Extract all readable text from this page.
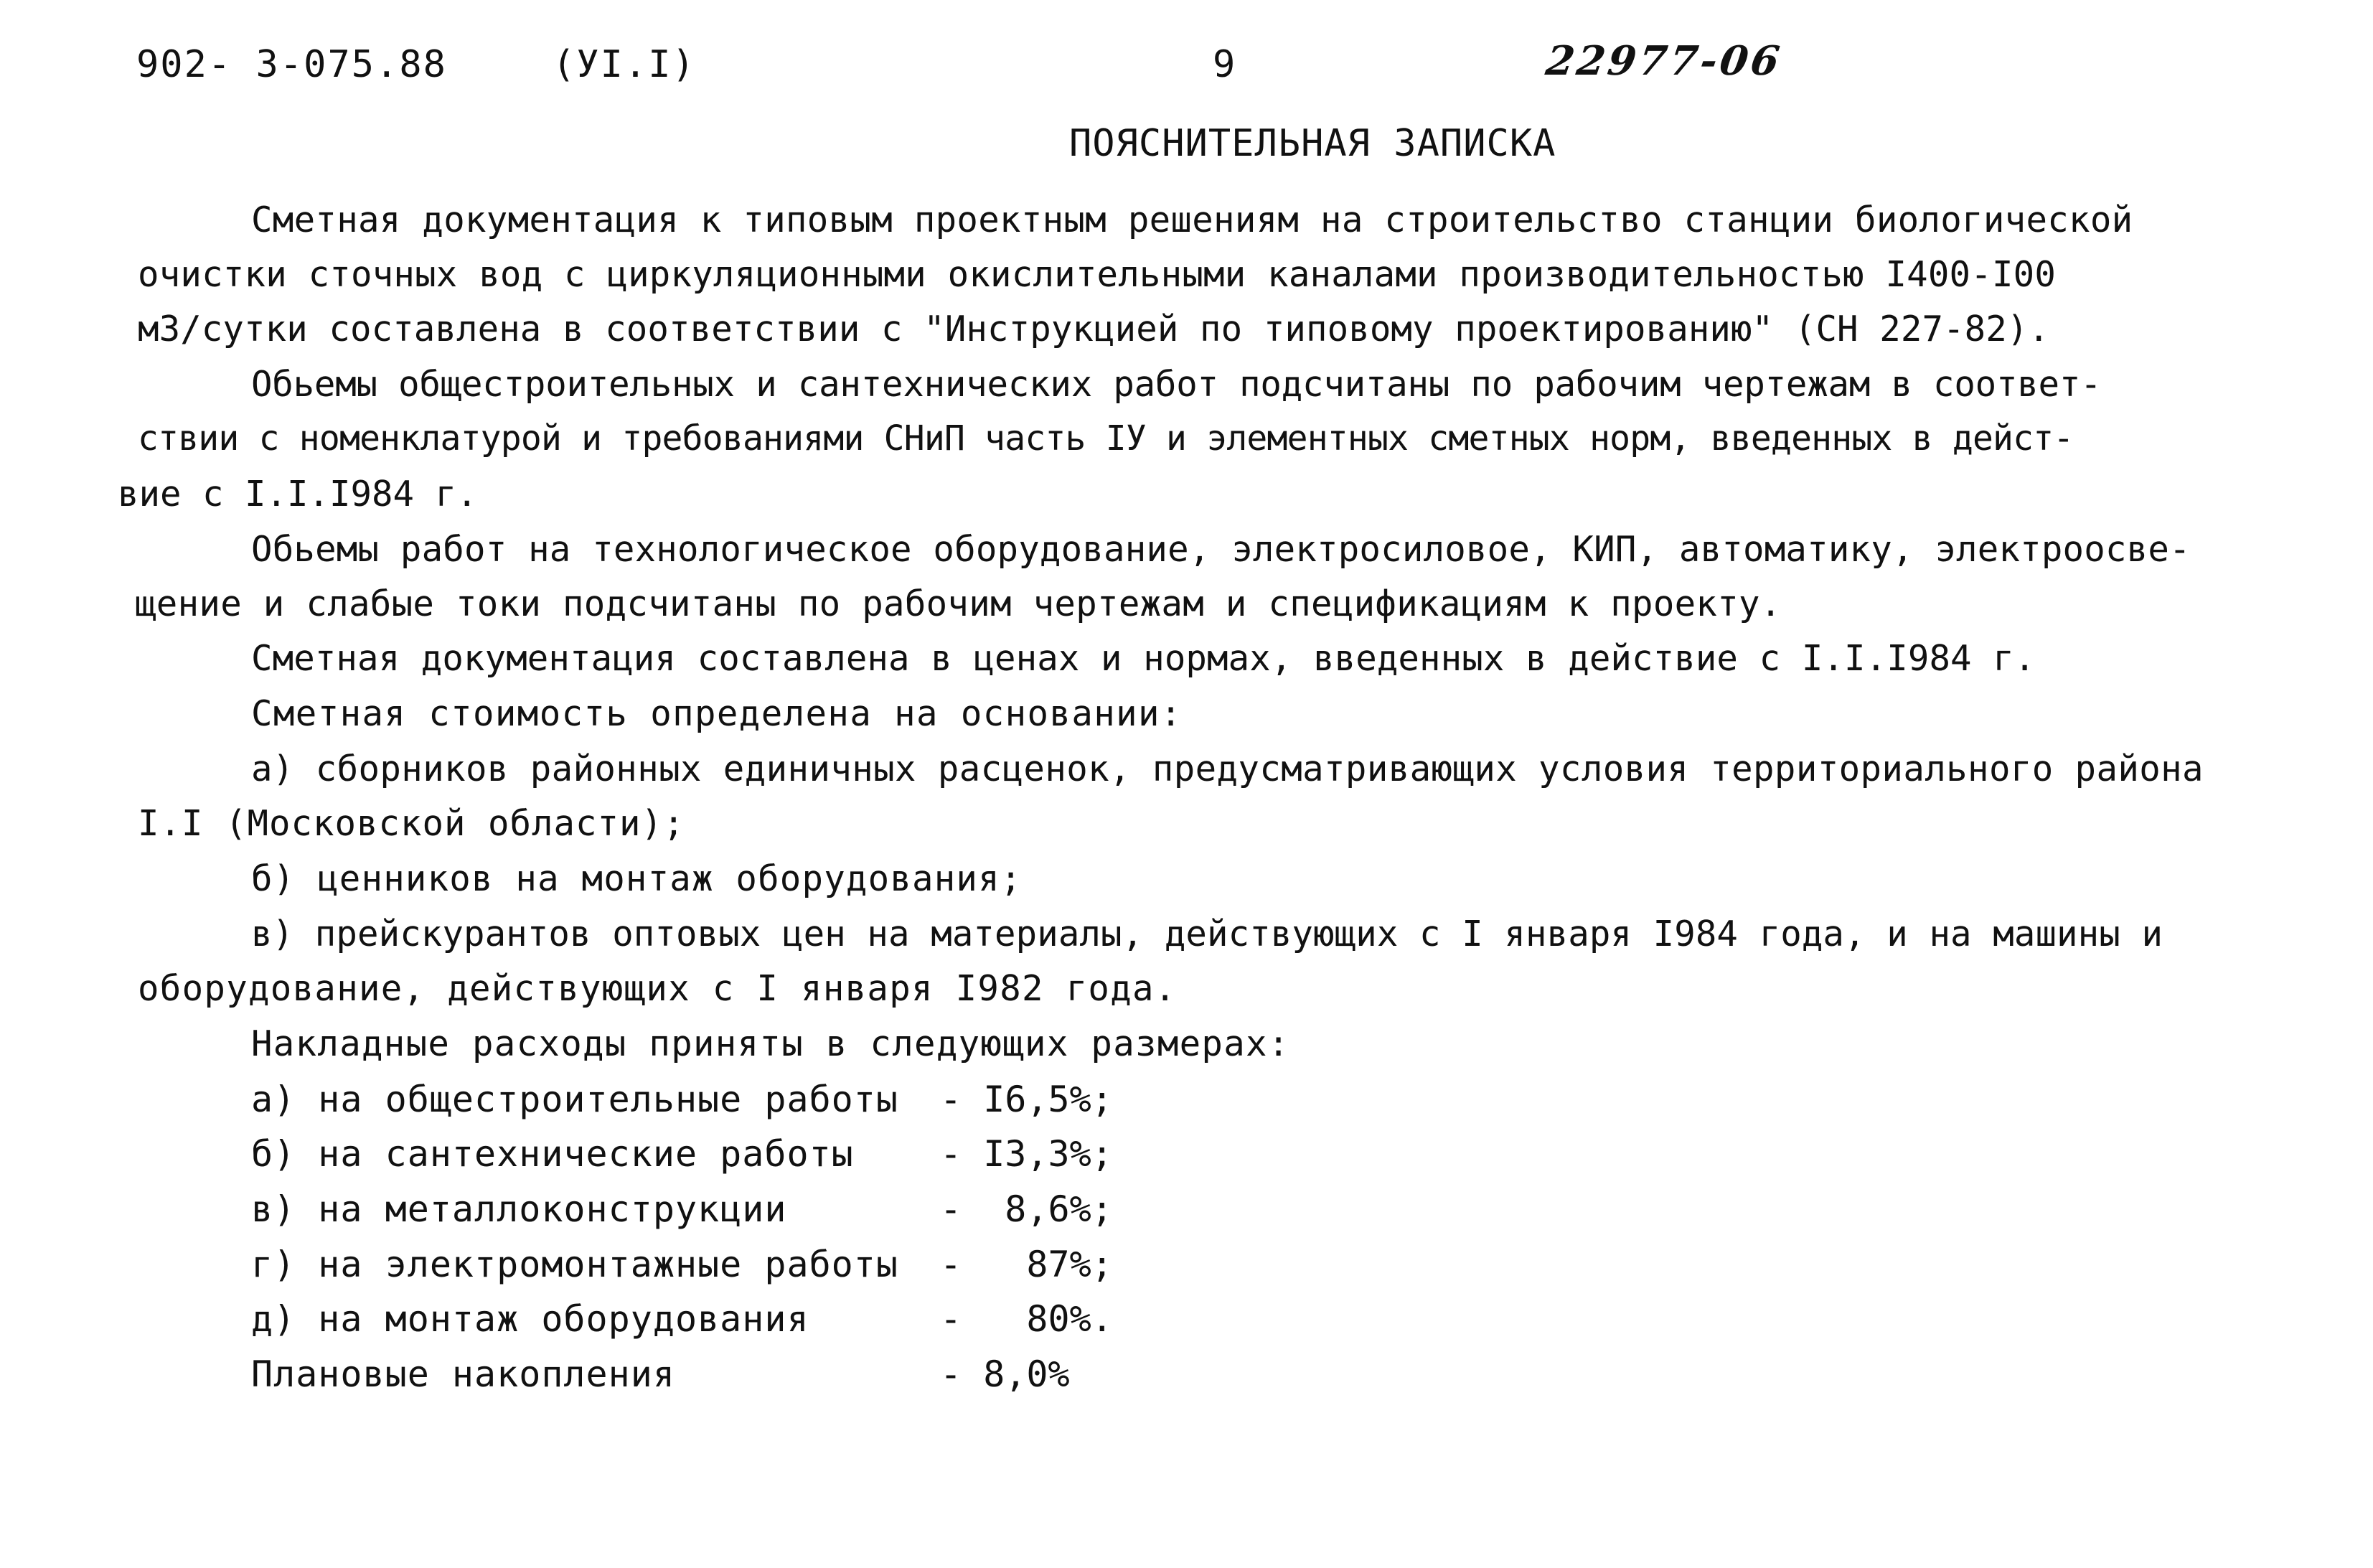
902- 3-075.88	(УI.I)	9	22977-06
ПОЯСНИТЕЛЬНАЯ ЗАПИСКА
Сметная документация к типовым проектным решениям на строительство станции биологической
очистки сточных вод с циркуляционными окислительными каналами производительностью I400-I00
м3/сутки составлена в соответствии с "Инструкцией по типовому проектированию" (СН 227-82).
Обьемы общестроительных и сантехнических работ подсчитаны по рабочим чертежам в соответ-
ствии с номенклатурой и требованиями СНиП часть IУ и элементных сметных норм, введенных в дейст-
вие с I.I.I984 г.
Обьемы работ на технологическое оборудование, электросиловое, КИП, автоматику, электроосве-
щение и слабые токи подсчитаны по рабочим чертежам и спецификациям к проекту.
Сметная документация составлена в ценах и нормах, введенных в действие с I.I.I984 г.
Сметная стоимость определена на основании:
а) сборников районных единичных расценок, предусматривающих условия территориального района
I.I (Московской области);
б) ценников на монтаж оборудования;
в) прейскурантов оптовых цен на материалы, действующих с I января I984 года, и на машины и
оборудование, действующих с I января I982 года.
Накладные расходы приняты в следующих размерах:
а) на общестроительные работы - I6,5%;
б) на сантехнические работы - I3,3%;
в) на металлоконструкции	-  8,6%;
г) на электромонтажные работы -   87%;
д) на монтаж оборудования	-   80%.
Плановые накопления	- 8,0%
